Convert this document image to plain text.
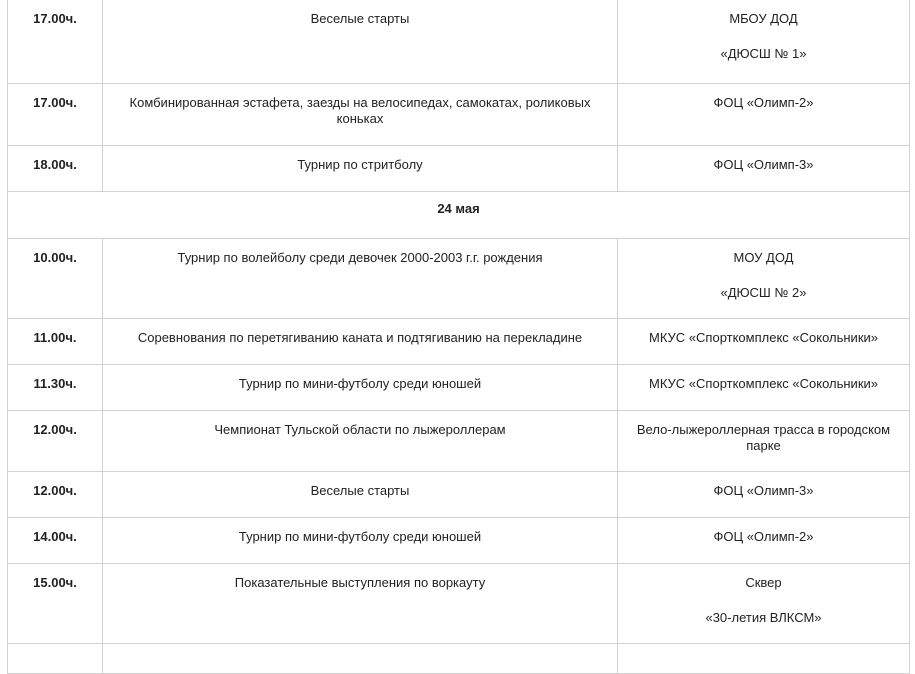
17.00ч.	Веселые старты	МБОУ ДОД

«ДЮСШ № 1»

17.00ч.	Комбинированная эстафета, заезды на велосипедах, самокатах, роликовых коньках	ФОЦ «Олимп-2»

18.00ч.	Турнир по стритболу	ФОЦ «Олимп-3»

24 мая		
10.00ч.	Турнир по волейболу среди девочек 2000-2003 г.г. рождения	МОУ ДОД

«ДЮСШ № 2»

11.00ч.	Соревнования по перетягиванию каната и подтягиванию на перекладине	МКУС «Спорткомплекс «Сокольники»

11.30ч.	Турнир по мини-футболу среди юношей	МКУС «Спорткомплекс «Сокольники»

12.00ч.	Чемпионат Тульской области по лыжероллерам	Вело-лыжероллерная трасса в городском парке

12.00ч.	Веселые старты	ФОЦ «Олимп-3»

14.00ч.	Турнир по мини-футболу среди юношей	ФОЦ «Олимп-2»

15.00ч.	Показательные выступления по воркауту	Сквер

«30-летия ВЛКСМ»
